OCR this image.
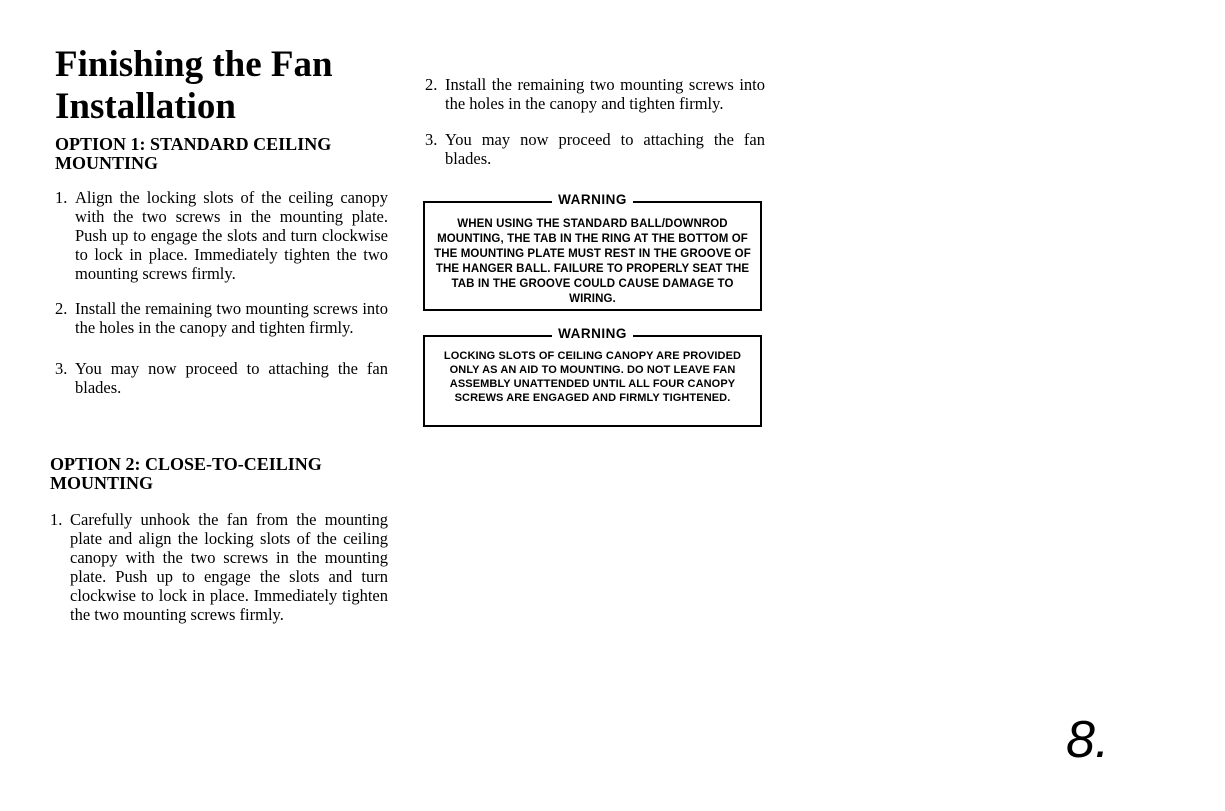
Finishing the Fan Installation
OPTION 1: STANDARD CEILING MOUNTING
1. Align the locking slots of the ceiling canopy with the two screws in the mounting plate. Push up to engage the slots and turn clockwise to lock in place. Immediately tighten the two mounting screws firmly.
2. Install the remaining two mounting screws into the holes in the canopy and tighten firmly.
3. You may now proceed to attaching the fan blades.
OPTION 2: CLOSE-TO-CEILING MOUNTING
1. Carefully unhook the fan from the mounting plate and align the locking slots of the ceiling canopy with the two screws in the mounting plate. Push up to engage the slots and turn clockwise to lock in place. Immediately tighten the two mounting screws firmly.
2. Install the remaining two mounting screws into the holes in the canopy and tighten firmly.
3. You may now proceed to attaching the fan blades.
WARNING
WHEN USING THE STANDARD BALL/DOWNROD MOUNTING, THE TAB IN THE RING AT THE BOTTOM OF THE MOUNTING PLATE MUST REST IN THE GROOVE OF THE HANGER BALL. FAILURE TO PROPERLY SEAT THE TAB IN THE GROOVE COULD CAUSE DAMAGE TO WIRING.
WARNING
LOCKING SLOTS OF CEILING CANOPY ARE PROVIDED ONLY AS AN AID TO MOUNTING. DO NOT LEAVE FAN ASSEMBLY UNATTENDED UNTIL ALL FOUR CANOPY SCREWS ARE ENGAGED AND FIRMLY TIGHTENED.
8.
